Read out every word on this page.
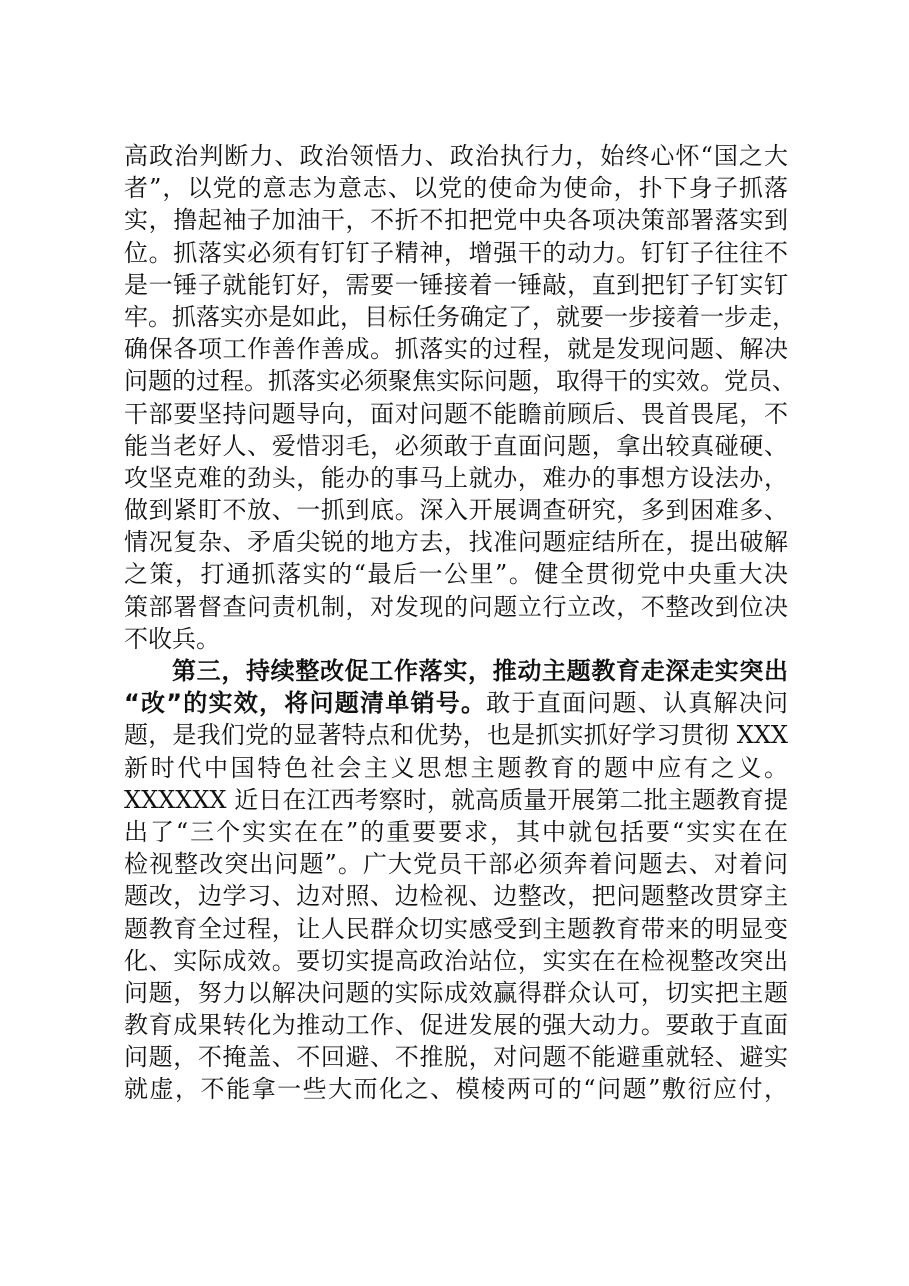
高政治判断力、政治领悟力、政治执行力，始终心怀“国之大
者”，以党的意志为意志、以党的使命为使命，扑下身子抓落
实，撸起袖子加油干，不折不扣把党中央各项决策部署落实到
位。抓落实必须有钉钉子精神，增强干的动力。钉钉子往往不
是一锤子就能钉好，需要一锤接着一锤敲，直到把钉子钉实钉
牢。抓落实亦是如此，目标任务确定了，就要一步接着一步走，
确保各项工作善作善成。抓落实的过程，就是发现问题、解决
问题的过程。抓落实必须聚焦实际问题，取得干的实效。党员、
干部要坚持问题导向，面对问题不能瞻前顾后、畏首畏尾，不
能当老好人、爱惜羽毛，必须敢于直面问题，拿出较真碰硬、
攻坚克难的劲头，能办的事马上就办，难办的事想方设法办，
做到紧盯不放、一抓到底。深入开展调查研究，多到困难多、
情况复杂、矛盾尖锐的地方去，找准问题症结所在，提出破解
之策，打通抓落实的“最后一公里”。健全贯彻党中央重大决
策部署督查问责机制，对发现的问题立行立改，不整改到位决
不收兵。
第三，持续整改促工作落实，推动主题教育走深走实突出
“改”的实效，将问题清单销号。敢于直面问题、认真解决问
题，是我们党的显著特点和优势，也是抓实抓好学习贯彻 XXX
新时代中国特色社会主义思想主题教育的题中应有之义。
XXXXXX 近日在江西考察时，就高质量开展第二批主题教育提
出了“三个实实在在”的重要要求，其中就包括要“实实在在
检视整改突出问题”。广大党员干部必须奔着问题去、对着问
题改，边学习、边对照、边检视、边整改，把问题整改贯穿主
题教育全过程，让人民群众切实感受到主题教育带来的明显变
化、实际成效。要切实提高政治站位，实实在在检视整改突出
问题，努力以解决问题的实际成效赢得群众认可，切实把主题
教育成果转化为推动工作、促进发展的强大动力。要敢于直面
问题，不掩盖、不回避、不推脱，对问题不能避重就轻、避实
就虚，不能拿一些大而化之、模棱两可的“问题”敷衍应付，
